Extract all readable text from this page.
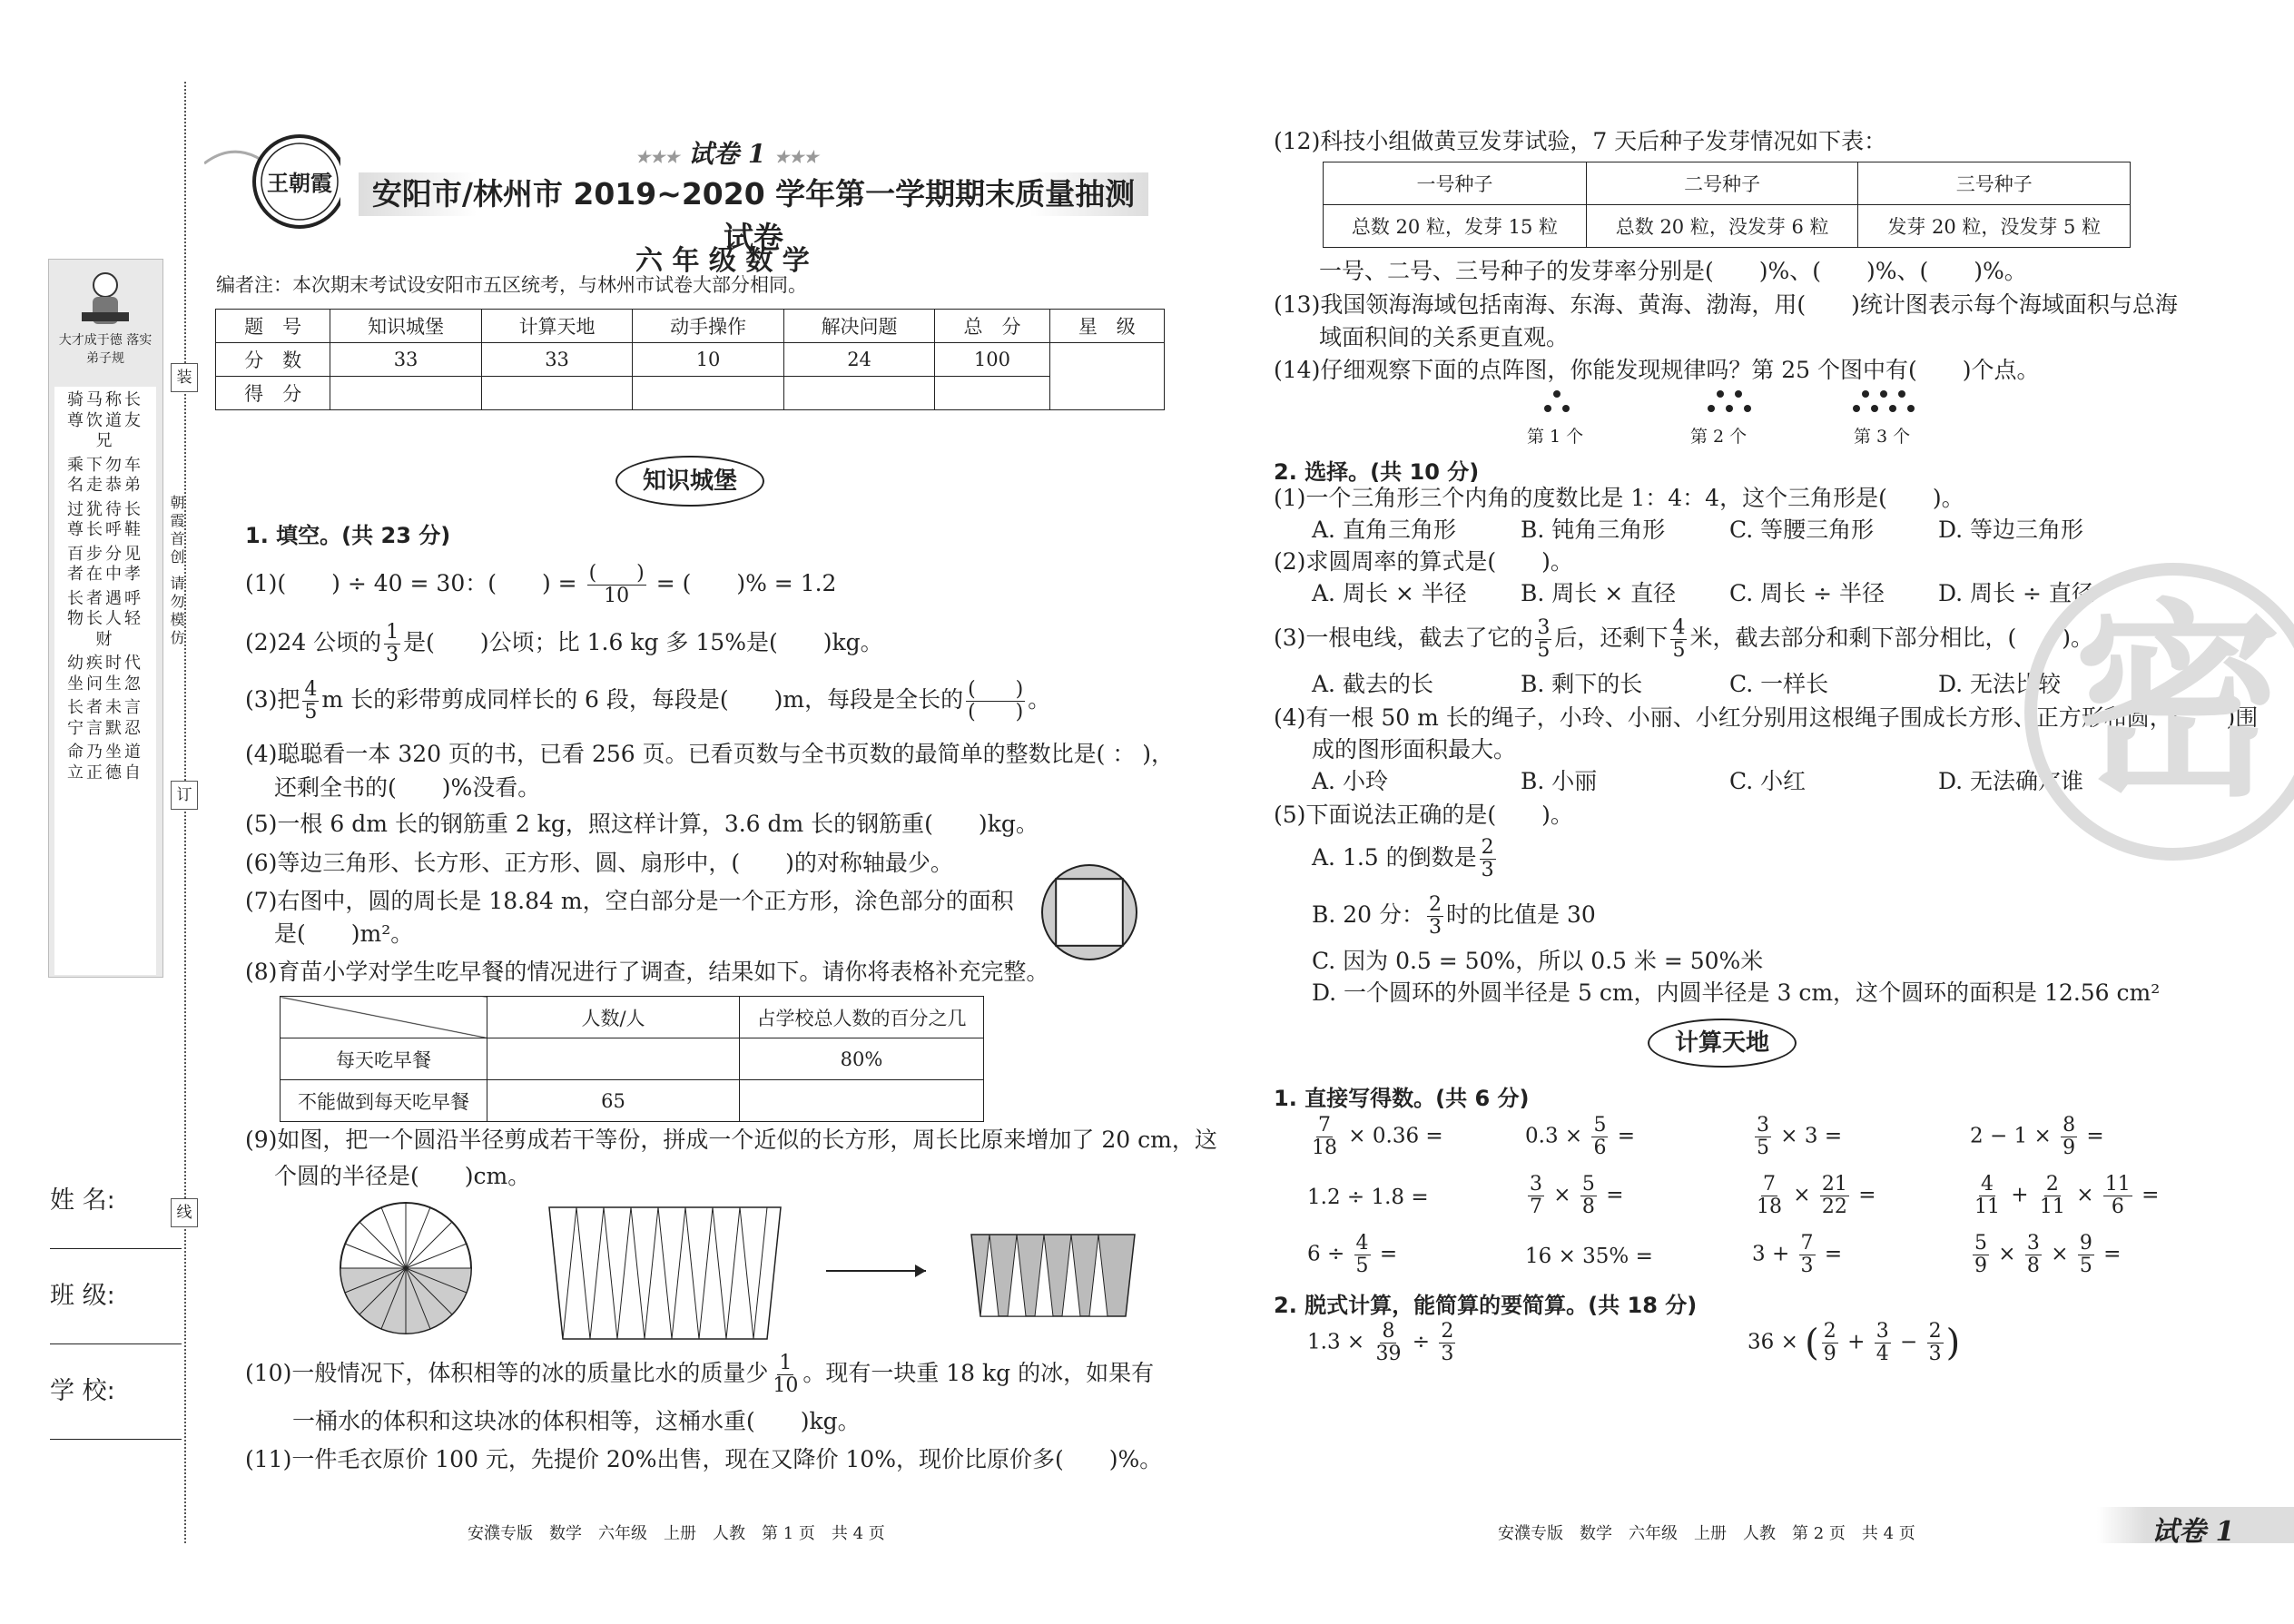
大才成于德 落实弟子规
骑马称长尊饮道友兄
乘下勿车名走恭弟
过犹待长尊长呼鞋
百步分见者在中孝
长者遇呼物长人轻财
幼疾时代坐问生忽
长者未言宁言默忍
命乃坐道立正德自
装
订
线
朝霞首创 请勿模仿
姓 名:
班 级:
学 校:
王朝霞
★★★ 试卷 1 ★★★
安阳市/林州市 2019~2020 学年第一学期期末质量抽测试卷
六 年 级 数 学
编者注：本次期末考试设安阳市五区统考，与林州市试卷大部分相同。
题　号	知识城堡	计算天地	动手操作	解决问题	总　分	星　级
分　数	33	33	10	24	100	
得　分						
知识城堡
1. 填空。(共 23 分)
(1)(　　) ÷ 40 = 30：(　　) = $\frac{( )}{10}$ = (　　)% = 1.2
(2)24 公顷的 $\frac{1}{3}$ 是(　　)公顷；比 1.6 kg 多 15%是(　　)kg。
(3)把 $\frac{4}{5}$ m 长的彩带剪成同样长的 6 段，每段是(　　)m，每段是全长的 $\frac{( )}{( )}$ 。
(4)聪聪看一本 320 页的书，已看 256 页。已看页数与全书页数的最简单的整数比是( ： )，
还剩全书的(　　)%没看。
(5)一根 6 dm 长的钢筋重 2 kg，照这样计算，3.6 dm 长的钢筋重(　　)kg。
(6)等边三角形、长方形、正方形、圆、扇形中，(　　)的对称轴最少。
(7)右图中，圆的周长是 18.84 m，空白部分是一个正方形，涂色部分的面积
是(　　)m²。
(8)育苗小学对学生吃早餐的情况进行了调查，结果如下。请你将表格补充完整。
	人数/人	占学校总人数的百分之几
每天吃早餐		80%
不能做到每天吃早餐	65	
(9)如图，把一个圆沿半径剪成若干等份，拼成一个近似的长方形，周长比原来增加了 20 cm，这
个圆的半径是(　　)cm。
(10)一般情况下，体积相等的冰的质量比水的质量少 $\frac{1}{10}$ 。现有一块重 18 kg 的冰，如果有
一桶水的体积和这块冰的体积相等，这桶水重(　　)kg。
(11)一件毛衣原价 100 元，先提价 20%出售，现在又降价 10%，现价比原价多(　　)%。
安濮专版　数学　六年级　上册　人教　第 1 页　共 4 页
(12)科技小组做黄豆发芽试验，7 天后种子发芽情况如下表：
一号种子	二号种子	三号种子
总数 20 粒，发芽 15 粒	总数 20 粒，没发芽 6 粒	发芽 20 粒，没发芽 5 粒
一号、二号、三号种子的发芽率分别是(　　)%、(　　)%、(　　)%。
(13)我国领海海域包括南海、东海、黄海、渤海，用(　　)统计图表示每个海域面积与总海
域面积间的关系更直观。
(14)仔细观察下面的点阵图，你能发现规律吗？第 25 个图中有(　　)个点。
第 1 个	第 2 个	第 3 个
2. 选择。(共 10 分)
(1)一个三角形三个内角的度数比是 1：4：4，这个三角形是(　　)。
A. 直角三角形	B. 钝角三角形	C. 等腰三角形	D. 等边三角形
(2)求圆周率的算式是(　　)。
A. 周长 × 半径 B. 周长 × 直径 C. 周长 ÷ 半径 D. 周长 ÷ 直径
(3)一根电线，截去了它的 $\frac{3}{5}$ 后，还剩下 $\frac{4}{5}$ 米，截去部分和剩下部分相比，(　　)。
A. 截去的长	B. 剩下的长	C. 一样长	D. 无法比较
(4)有一根 50 m 长的绳子，小玲、小丽、小红分别用这根绳子围成长方形、正方形和圆，(　　)围
成的图形面积最大。
A. 小玲	B. 小丽	C. 小红	D. 无法确定谁
(5)下面说法正确的是(　　)。
A. 1.5 的倒数是 $\frac{2}{3}$
B. 20 分： $\frac{2}{3}$ 时的比值是 30
C. 因为 0.5 = 50%，所以 0.5 米 = 50%米
D. 一个圆环的外圆半径是 5 cm，内圆半径是 3 cm，这个圆环的面积是 12.56 cm²
计算天地
1. 直接写得数。(共 6 分)
$\frac{7}{18} \times 0.36$ =	$0.3 \times \frac{5}{6}$ =	$\frac{3}{5} \times 3$ =	$2 - 1 \times \frac{8}{9}$ =
1.2 ÷ 1.8 =	$\frac{3}{7} \times \frac{5}{8}$ =	$\frac{7}{18} \times \frac{21}{22}$ =	$\frac{4}{11} + \frac{2}{11} \times \frac{11}{6}$ =
$6 \div \frac{4}{5}$ =	16 × 35% =	$3 + \frac{7}{3}$ =	$\frac{5}{9} \times \frac{3}{8} \times \frac{9}{5}$ =
2. 脱式计算，能简算的要简算。(共 18 分)
$1.3 \times \frac{8}{39} \div \frac{2}{3}$	36 × ( $\frac{2}{9} + \frac{3}{4} - \frac{2}{3}$ )
安濮专版　数学　六年级　上册　人教　第 2 页　共 4 页	试卷 1
密
